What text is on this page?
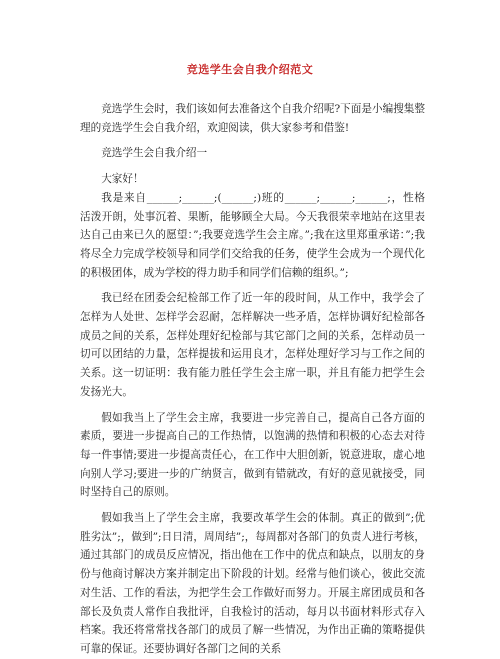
竞选学生会自我介绍范文

竞选学生会时，我们该如何去准备这个自我介绍呢?下面是小编搜集整理的竞选学生会自我介绍，欢迎阅读，供大家参考和借鉴!

竞选学生会自我介绍一

大家好！

我是来自______;______;(______;)班的______;______;______;，性格活泼开朗，处事沉着、果断，能够顾全大局。今天我很荣幸地站在这里表达自己由来已久的愿望：”;我要竞选学生会主席。”;我在这里郑重承诺：”;我将尽全力完成学校领导和同学们交给我的任务，使学生会成为一个现代化的积极团体，成为学校的得力助手和同学们信赖的组织。”;

我已经在团委会纪检部工作了近一年的段时间，从工作中，我学会了怎样为人处世、怎样学会忍耐，怎样解决一些矛盾，怎样协调好纪检部各成员之间的关系，怎样处理好纪检部与其它部门之间的关系，怎样动员一切可以团结的力量，怎样提拔和运用良才，怎样处理好学习与工作之间的关系。这一切证明：我有能力胜任学生会主席一职，并且有能力把学生会发扬光大。

假如我当上了学生会主席，我要进一步完善自己，提高自己各方面的素质，要进一步提高自己的工作热情，以饱满的热情和积极的心态去对待每一件事情;要进一步提高责任心，在工作中大胆创新，锐意进取，虚心地向别人学习;要进一步的广纳贤言，做到有错就改，有好的意见就接受，同时坚持自己的原则。

假如我当上了学生会主席，我要改革学生会的体制。真正的做到”;优胜劣汰”;，做到”;日日清，周周结”;，每周都对各部门的负责人进行考核，通过其部门的成员反应情况，指出他在工作中的优点和缺点，以朋友的身份与他商讨解决方案并制定出下阶段的计划。经常与他们谈心，彼此交流对生活、工作的看法，为把学生会工作做好而努力。开展主席团成员和各部长及负责人常作自我批评，自我检讨的活动，每月以书面材料形式存入档案。我还将常常找各部门的成员了解一些情况，为作出正确的策略提供可靠的保证。还要协调好各部门之间的关系
